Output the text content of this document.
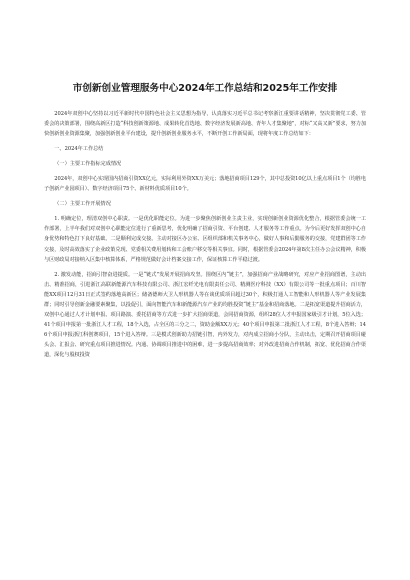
市创新创业管理服务中心2024年工作总结和2025年工作安排

2024年双创中心坚持以习近平新时代中国特色社会主义思想为指导，认真落实习近平总书记考察浙江重要讲话精神，坚决贯彻党工委、管委会的决策部署，围绕高新区打造“科技创新策源地、成果转化首选地、数字经济发展新高地、青年人才集聚地”，对标“又高又新”要求，努力加快创新创业资源集聚，加强创新创业平台建设，提升创新创业服务水平，不断开创工作新局面，现将年度工作总结如下：

一、2024年工作总结

（一）主要工作指标完成情况

2024年，双创中心实现国内招商引资XX亿元，实际利用外资XX万美元；落地招商项目129个，其中总投资10亿以上重点项目1个（均胜电子创新产业园项目）、数字经济项目75个、新材料优质项目10个。

（二）主要工作开展情况

1. 明确定位，理清双创中心职责。一是优化职能定位。为进一步聚焦创新创业主责主业，实现创新创业资源优化整合，根据管委会统一工作部署，上半年我们对双创中心职能定位进行了重新思考，优化明确了招商引资、平台创建、人才服务等工作重点。为今后更好发挥双创中心自身优势和特色打下良好基础。二是顺利完成交接。主动对接区办公室、区组织部和机关事务中心，做好人事和后勤服务的交接，党建群团等工作交接，及时高效落实了企业政策兑现、党委相关费用划转和工会账户移交等相关事宜。同时，根据管委会2024年第8次主任办公会议精神，积极与区财政局对接纳入区集中核算体系，严格规范做好会计档案交接工作，保证核算工作平稳过渡。

2. 激发动能，招商引智奋进提质。一是“链式”发展开展招商攻坚。围绕区内“链主”，加强招商产业战略研究，对应产业招商图谱，主动出击、精准招商，引进浙江高联新能源汽车科技有限公司、浙江宏纤光电有限责任公司、精测医疗科技（XX）有限公司等一批重点项目；百川智能XX项目12月31日正式签约落地高新区；储备德师大卫人形机器人等在谈优质项目超过30个，积极打通人工智能和人形机器人等产业发展集群；同时引导创新金融要素聚集，以投促引，面向智能汽车和新能源汽车产业的均胜投资“链主”基金和招商落地。二是拓宽渠道提升招商活力，双创中心通过人才计划申报、项目路演、委托招商等方式进一步扩大招商渠道，会同招商资源，组织28位人才申报国家级引才计划，5位入选；41个项目申报第一批浙江人才工程，18个入选，占全区的三分之二，资助金额XX万元；40个项目申报第二批浙江人才工程，8个进入答辩；146个项目申报浙江科创赛项目，15个进入答辩。三是模式创新助力招链引智，内外发力，对内成立招商小分队，主动出击，定期召开招商项目碰头会、汇报会、研究重点项目推进情况。内通、协调项目推进中的困难，进一步提高招商效率；对外改进招商合作机制，拓宽、优化招商合作渠道，深化与股权投资
